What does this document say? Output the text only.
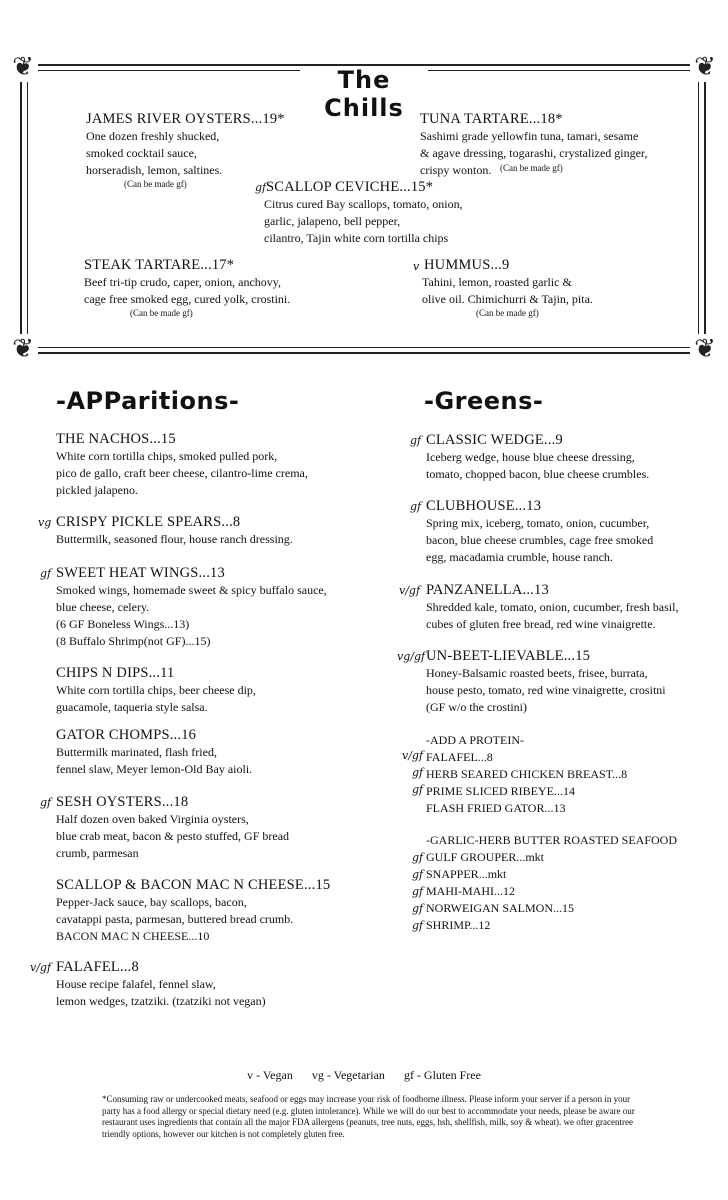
❦	❦
❦	❦
The Chills
JAMES RIVER OYSTERS...19*
One dozen freshly shucked,
smoked cocktail sauce,
horseradish, lemon, saltines.
(Can be made gf)
TUNA TARTARE...18*
Sashimi grade yellowfin tuna, tamari, sesame
& agave dressing, togarashi, crystalized ginger,
crispy wonton. (Can be made gf)
gf SCALLOP CEVICHE...15*
Citrus cured Bay scallops, tomato, onion,
garlic, jalapeno, bell pepper,
cilantro, Tajin white corn tortilla chips
STEAK TARTARE...17*
Beef tri-tip crudo, caper, onion, anchovy,
cage free smoked egg, cured yolk, crostini.
(Can be made gf)
v HUMMUS...9
Tahini, lemon, roasted garlic &
olive oil. Chimichurri & Tajin, pita.
(Can be made gf)
-APParitions-
THE NACHOS...15
White corn tortilla chips, smoked pulled pork,
pico de gallo, craft beer cheese, cilantro-lime crema,
pickled jalapeno.
vg CRISPY PICKLE SPEARS...8
Buttermilk, seasoned flour, house ranch dressing.
gf SWEET HEAT WINGS...13
Smoked wings, homemade sweet & spicy buffalo sauce,
blue cheese, celery.
(6 GF Boneless Wings...13)
(8 Buffalo Shrimp(not GF)...15)
CHIPS N DIPS...11
White corn tortilla chips, beer cheese dip,
guacamole, taqueria style salsa.
GATOR CHOMPS...16
Buttermilk marinated, flash fried,
fennel slaw, Meyer lemon-Old Bay aioli.
gf SESH OYSTERS...18
Half dozen oven baked Virginia oysters,
blue crab meat, bacon & pesto stuffed, GF bread
crumb, parmesan
SCALLOP & BACON MAC N CHEESE...15
Pepper-Jack sauce, bay scallops, bacon,
cavatappi pasta, parmesan, buttered bread crumb.
BACON MAC N CHEESE...10
v/gf FALAFEL...8
House recipe falafel, fennel slaw,
lemon wedges, tzatziki. (tzatziki not vegan)
-Greens-
gf CLASSIC WEDGE...9
Iceberg wedge, house blue cheese dressing,
tomato, chopped bacon, blue cheese crumbles.
gf CLUBHOUSE...13
Spring mix, iceberg, tomato, onion, cucumber,
bacon, blue cheese crumbles, cage free smoked
egg, macadamia crumble, house ranch.
v/gf PANZANELLA...13
Shredded kale, tomato, onion, cucumber, fresh basil,
cubes of gluten free bread, red wine vinaigrette.
vg/gf UN-BEET-LIEVABLE...15
Honey-Balsamic roasted beets, frisee, burrata,
house pesto, tomato, red wine vinaigrette, crositni
(GF w/o the crostini)
-ADD A PROTEIN-
v/gf FALAFEL...8
gf HERB SEARED CHICKEN BREAST...8
gf PRIME SLICED RIBEYE...14
FLASH FRIED GATOR...13
-GARLIC-HERB BUTTER ROASTED SEAFOOD
gf GULF GROUPER...mkt
gf SNAPPER...mkt
gf MAHI-MAHI...12
gf NORWEIGAN SALMON...15
gf SHRIMP...12
v - Vegan vg - Vegetarian gf - Gluten Free
*Consuming raw or undercooked meats, seafood or eggs may increase your risk of foodborne illness. Please inform your server if a person in your party has a food allergy or special dietary need (e.g. gluten intolerance). While we will do our best to accommodate your needs, please be aware our restaurant uses ingredients that contain all the major FDA allergens (peanuts, tree nuts, eggs, hsh, shellfish, milk, soy & wheat). we ofter gracentree triendly options, however our kitchen is not completely gluten free.
